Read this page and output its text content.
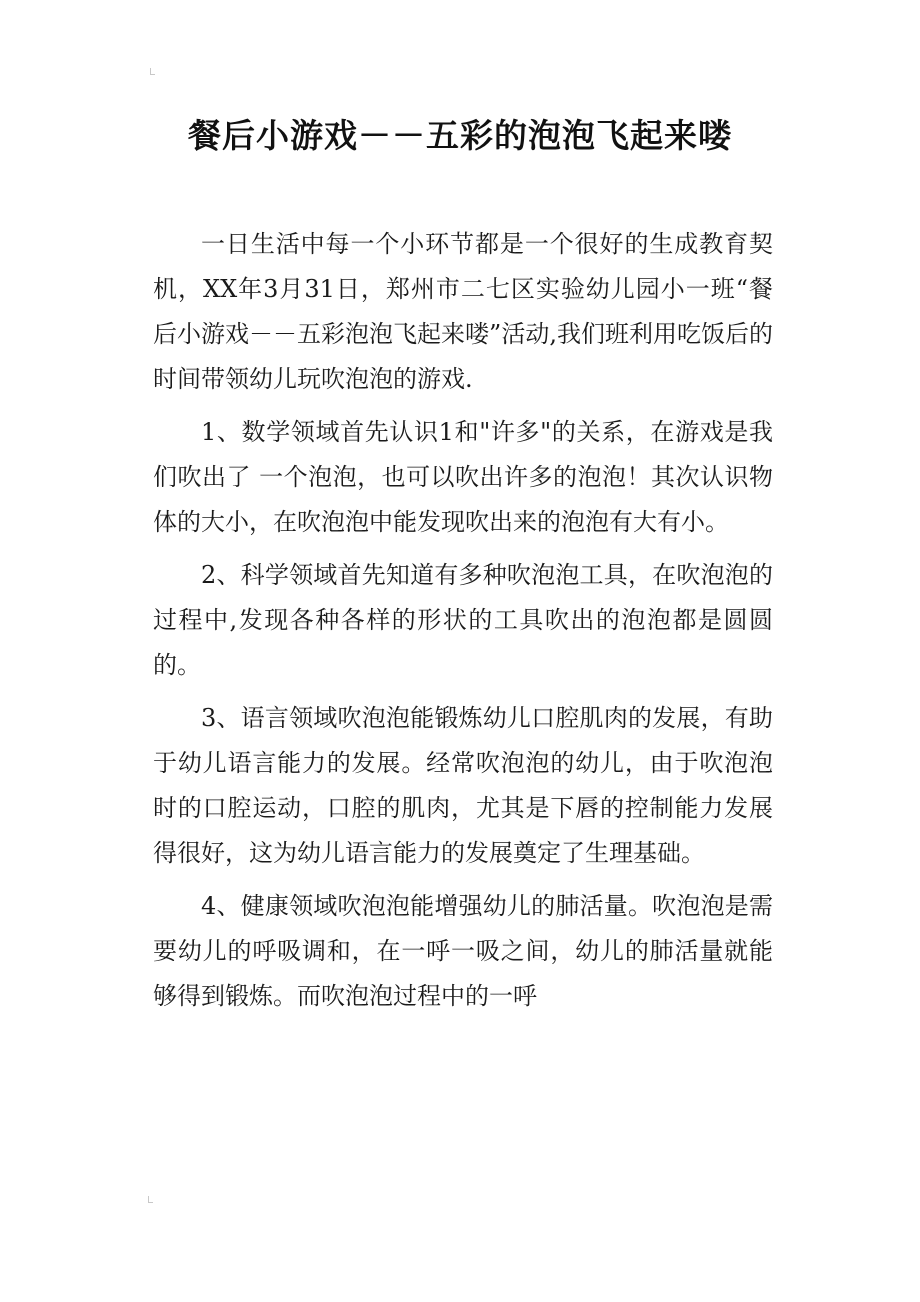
餐后小游戏－－五彩的泡泡飞起来喽

一日生活中每一个小环节都是一个很好的生成教育契机，XX年3月31日，郑州市二七区实验幼儿园小一班“餐后小游戏－－五彩泡泡飞起来喽”活动,我们班利用吃饭后的时间带领幼儿玩吹泡泡的游戏.

1、数学领域首先认识1和"许多"的关系，在游戏是我们吹出了 一个泡泡，也可以吹出许多的泡泡！其次认识物体的大小，在吹泡泡中能发现吹出来的泡泡有大有小。

2、科学领域首先知道有多种吹泡泡工具，在吹泡泡的过程中,发现各种各样的形状的工具吹出的泡泡都是圆圆的。

3、语言领域吹泡泡能锻炼幼儿口腔肌肉的发展，有助于幼儿语言能力的发展。经常吹泡泡的幼儿，由于吹泡泡时的口腔运动，口腔的肌肉，尤其是下唇的控制能力发展得很好，这为幼儿语言能力的发展奠定了生理基础。

4、健康领域吹泡泡能增强幼儿的肺活量。吹泡泡是需要幼儿的呼吸调和，在一呼一吸之间，幼儿的肺活量就能够得到锻炼。而吹泡泡过程中的一呼
